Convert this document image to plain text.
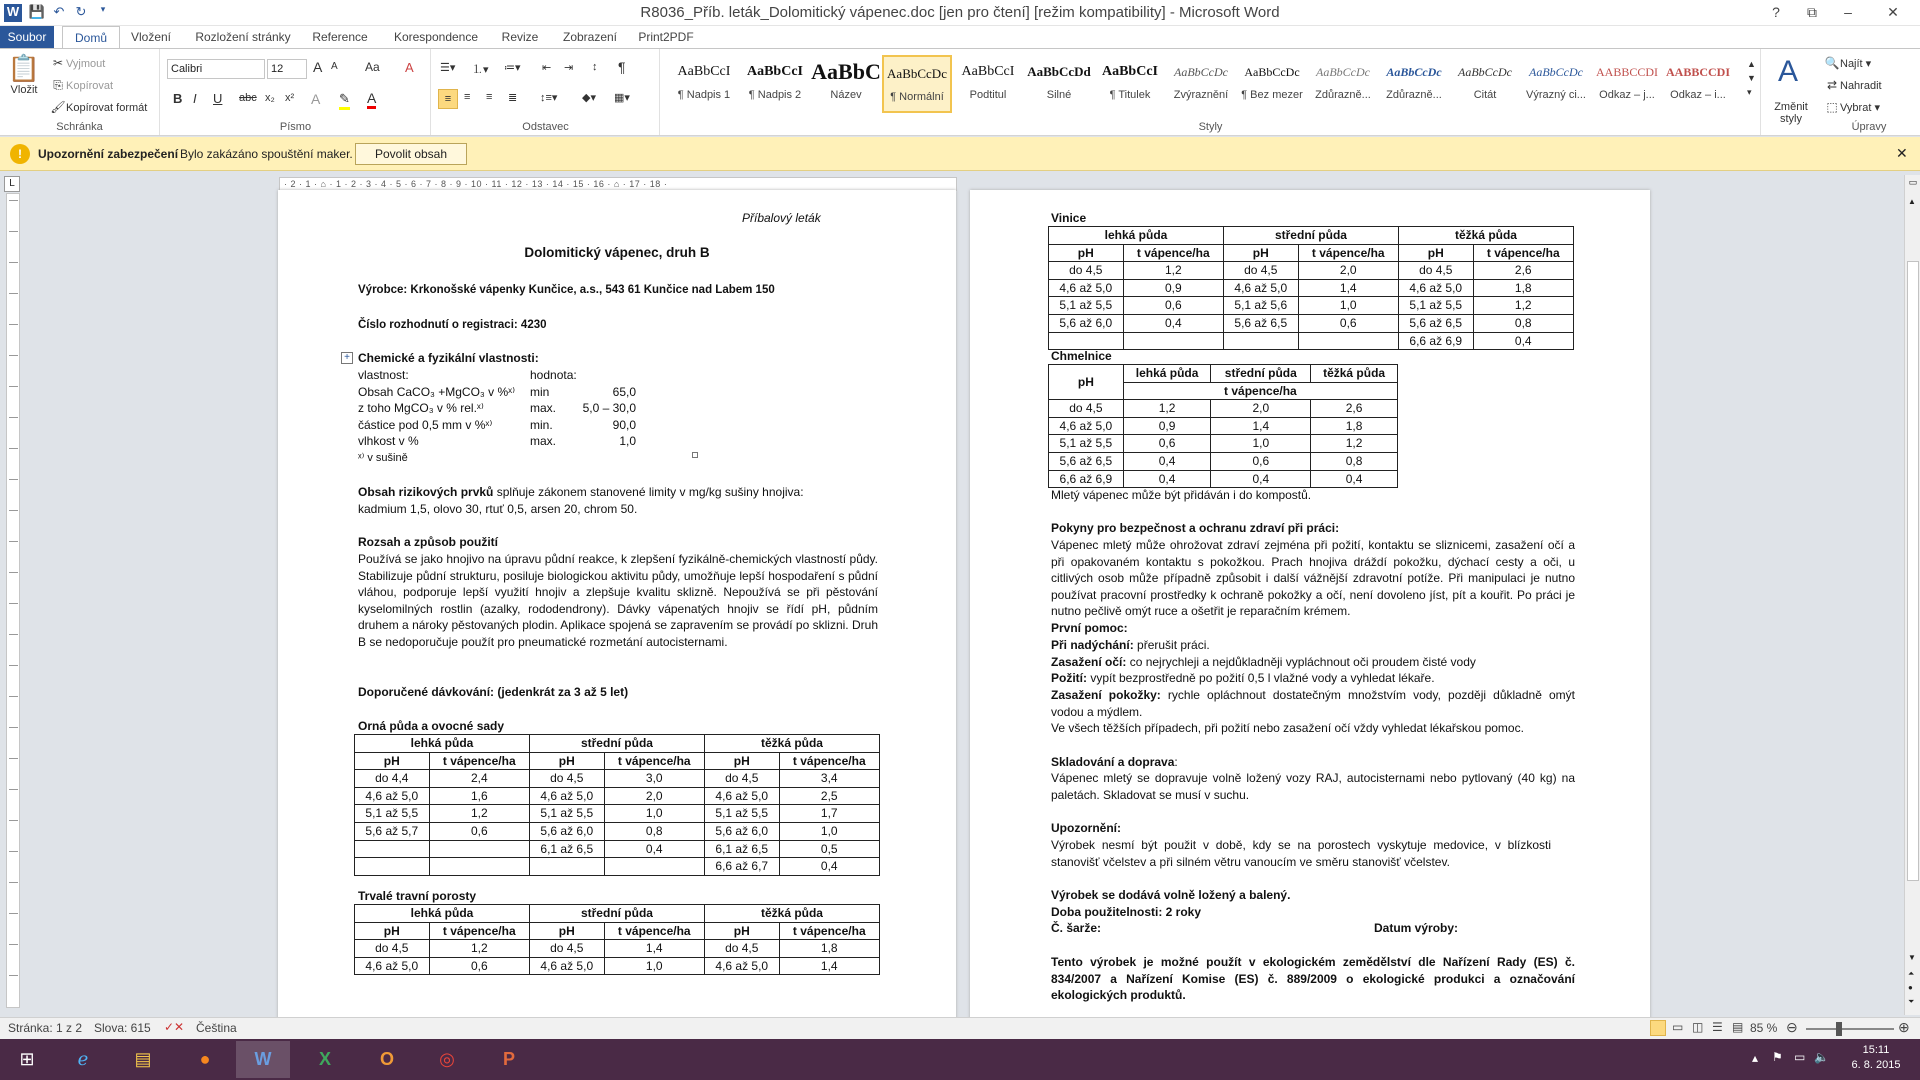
W 💾 ↶ ↻	▾	R8036_Příb. leták_Dolomitický vápenec.doc [jen pro čtení] [režim kompatibility] - Microsoft Word	?	⧉	–	✕
Soubor	Domů	Vložení	Rozložení stránky	Reference	Korespondence	Revize	Zobrazení	Print2PDF
📋
Vložit
✂ Vyjmout
⎘ Kopírovat
🖌Kopírovat formát
Schránka
Calibri	12	A A Aa A
B I U abc x₂ x² A ✎ A
Písmo
☰▾ ⒈▾ ≔▾ ⇤ ⇥ ↕ ¶
≡	≡ ≡ ≣ ↕≡▾ ◆▾ ▦▾
Odstavec
AaBbCcI
¶ Nadpis 1
AaBbCcI
¶ Nadpis 2
AaBbC
Název
AaBbCcDc
¶ Normální
AaBbCcI
Podtitul
AaBbCcDd
Silné
AaBbCcI
¶ Titulek
AaBbCcDc
Zvýraznění
AaBbCcDc
¶ Bez mezer
AaBbCcDc
Zdůrazně...
AaBbCcDc
Zdůrazně...
AaBbCcDc
Citát
AaBbCcDc
Výrazný ci...
AABBCCDI
Odkaz – j...
AABBCCDI
Odkaz – i...
▲
▼
▾
Styly
A
Změnit styly
🔍Najít ▾
⇄ Nahradit
⬚ Vybrat ▾
Úpravy
!	Upozornění zabezpečení Bylo zakázáno spouštění maker.	Povolit obsah	✕
L	· 2 · 1 · ⌂ · 1 · 2 · 3 · 4 · 5 · 6 · 7 · 8 · 9 · 10 · 11 · 12 · 13 · 14 · 15 · 16 · ⌂ · 17 · 18 ·

Příbalový leták

Dolomitický vápenec, druh B

Výrobce: Krkonošské vápenky Kunčice, a.s., 543 61 Kunčice nad Labem 150

Číslo rozhodnutí o registraci: 4230

+ Chemické a fyzikální vlastnosti:

Obsah rizikových prvků splňuje zákonem stanovené limity v mg/kg sušiny hnojiva:

kadmium 1,5, olovo 30, rtuť 0,5, arsen 20, chrom 50.

Rozsah a způsob použití

Používá se jako hnojivo na úpravu půdní reakce, k zlepšení fyzikálně-chemických vlastností půdy. Stabilizuje půdní strukturu, posiluje biologickou aktivitu půdy, umožňuje lepší hospodaření s půdní vláhou, podporuje lepší využití hnojiv a zlepšuje kvalitu sklizně. Nepoužívá se při pěstování kyselomilných rostlin (azalky, rododendrony). Dávky vápenatých hnojiv se řídí pH, půdním druhem a nároky pěstovaných plodin. Aplikace spojená se zapravením se provádí po sklizni. Druh B se nedoporučuje použít pro pneumatické rozmetání autocisternami.

Doporučené dávkování: (jedenkrát za 3 až 5 let)

Orná půda a ovocné sady

lehká půda		střední půda		těžká půda	
pH	t vápence/ha	pH	t vápence/ha	pH	t vápence/ha
do 4,4	2,4	do 4,5	3,0	do 4,5	3,4
4,6 až 5,0	1,6	4,6 až 5,0	2,0	4,6 až 5,0	2,5
5,1 až 5,5	1,2	5,1 až 5,5	1,0	5,1 až 5,5	1,7
5,6 až 5,7	0,6	5,6 až 6,0	0,8	5,6 až 6,0	1,0
		6,1 až 6,5	0,4	6,1 až 6,5	0,5
				6,6 až 6,7	0,4

Trvalé travní porosty

lehká půda		střední půda		těžká půda	
pH	t vápence/ha	pH	t vápence/ha	pH	t vápence/ha
do 4,5	1,2	do 4,5	1,4	do 4,5	1,8
4,6 až 5,0	0,6	4,6 až 5,0	1,0	4,6 až 5,0	1,4

vlastnost:	hodnota:

Obsah CaCO₃ +MgCO₃ v %ˣ⁾ min	65,0

z toho MgCO₃ v % rel.ˣ⁾	max.	5,0 – 30,0

částice pod 0,5 mm v %ˣ⁾	min.	90,0

vlhkost v %	max.	1,0

ˣ⁾ v sušině

Vinice

lehká půda		střední půda		těžká půda	
pH	t vápence/ha	pH	t vápence/ha	pH	t vápence/ha
do 4,5	1,2	do 4,5	2,0	do 4,5	2,6
4,6 až 5,0	0,9	4,6 až 5,0	1,4	4,6 až 5,0	1,8
5,1 až 5,5	0,6	5,1 až 5,6	1,0	5,1 až 5,5	1,2
5,6 až 6,0	0,4	5,6 až 6,5	0,6	5,6 až 6,5	0,8
				6,6 až 6,9	0,4

Chmelnice

pH	lehká půda	střední půda	těžká půda
	t vápence/ha		
do 4,5	1,2	2,0	2,6
4,6 až 5,0	0,9	1,4	1,8
5,1 až 5,5	0,6	1,0	1,2
5,6 až 6,5	0,4	0,6	0,8
6,6 až 6,9	0,4	0,4	0,4

Mletý vápenec může být přidáván i do kompostů.

Pokyny pro bezpečnost a ochranu zdraví při práci:

Vápenec mletý může ohrožovat zdraví zejména při požití, kontaktu se sliznicemi, zasažení očí a při opakovaném kontaktu s pokožkou. Prach hnojiva dráždí pokožku, dýchací cesty a oči, u citlivých osob může případně způsobit i další vážnější zdravotní potíže. Při manipulaci je nutno používat pracovní prostředky k ochraně pokožky a očí, není dovoleno jíst, pít a kouřit. Po práci je nutno pečlivě omýt ruce a ošetřit je reparačním krémem.

První pomoc:

Při nadýchání: přerušit práci.

Zasažení očí: co nejrychleji a nejdůkladněji vypláchnout oči proudem čisté vody

Požití: vypít bezprostředně po požití 0,5 l vlažné vody a vyhledat lékaře.

Zasažení pokožky: rychle opláchnout dostatečným množstvím vody, později důkladně omýt vodou a mýdlem.

Ve všech těžších případech, při požití nebo zasažení očí vždy vyhledat lékařskou pomoc.

Skladování a doprava:

Vápenec mletý se dopravuje volně ložený vozy RAJ, autocisternami nebo pytlovaný (40 kg) na paletách. Skladovat se musí v suchu.

Upozornění:

Výrobek nesmí být použit v době, kdy se na porostech vyskytuje medovice, v blízkosti stanovišť včelstev a při silném větru vanoucím ve směru stanovišť včelstev.

Výrobek se dodává volně ložený a balený.

Doba použitelnosti: 2 roky

Č. šarže:	Datum výroby:

Tento výrobek je možné použít v ekologickém zemědělství dle Nařízení Rady (ES) č. 834/2007 a Nařízení Komise (ES) č. 889/2009 o ekologické produkci a označování ekologických produktů.

▭
▲
▼
⏶
●
⏷
Stránka: 1 z 2 Slova: 615 ✓✕ Čeština	▭ ◫ ☰ ▤ 85 % ⊖	⊕
⊞	ℯ	▤	●	W	X	O	◎	P	▴ ⚑ ▭ 🔈	15:11
6. 8. 2015
